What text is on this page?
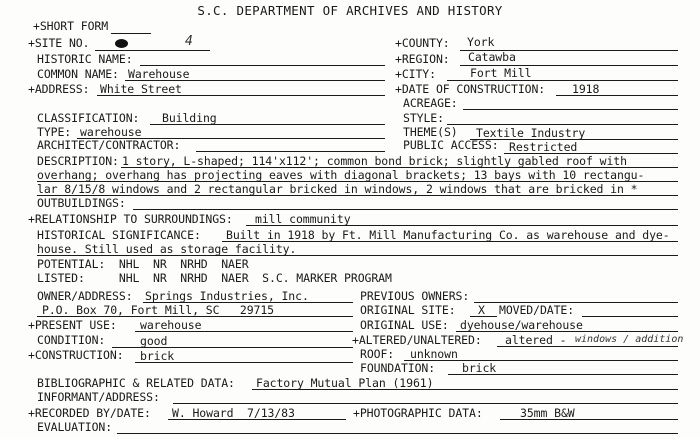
S.C. DEPARTMENT OF ARCHIVES AND HISTORY
+SHORT FORM
+SITE NO.	4	+COUNTY: York
HISTORIC NAME:	+REGION: Catawba
COMMON NAME: Warehouse	+CITY:	Fort Mill
+ADDRESS: White Street	+DATE OF CONSTRUCTION: 1918
ACREAGE:
CLASSIFICATION: Building	STYLE:
TYPE: warehouse	THEME(S) Textile Industry
ARCHITECT/CONTRACTOR:	PUBLIC ACCESS: Restricted
DESCRIPTION: 1 story, L-shaped; 114'x112'; common bond brick; slightly gabled roof with
overhang; overhang has projecting eaves with diagonal brackets; 13 bays with 10 rectangu-
lar 8/15/8 windows and 2 rectangular bricked in windows, 2 windows that are bricked in *
OUTBUILDINGS:
+RELATIONSHIP TO SURROUNDINGS: mill community
HISTORICAL SIGNIFICANCE: Built in 1918 by Ft. Mill Manufacturing Co. as warehouse and dye-
house. Still used as storage facility.
POTENTIAL:  NHL  NR  NRHD  NAER
LISTED:     NHL  NR  NRHD  NAER  S.C. MARKER PROGRAM
OWNER/ADDRESS: Springs Industries, Inc.	PREVIOUS OWNERS:
P.O. Box 70, Fort Mill, SC   29715	ORIGINAL SITE: X MOVED/DATE:
+PRESENT USE: warehouse	ORIGINAL USE: dyehouse/warehouse
CONDITION:	good	+ALTERED/UNALTERED: altered - windows / addition
+CONSTRUCTION: brick	ROOF: unknown
FOUNDATION: brick
BIBLIOGRAPHIC & RELATED DATA: Factory Mutual Plan (1961)
INFORMANT/ADDRESS:
+RECORDED BY/DATE: W. Howard  7/13/83	+PHOTOGRAPHIC DATA:	35mm B&W
EVALUATION:
